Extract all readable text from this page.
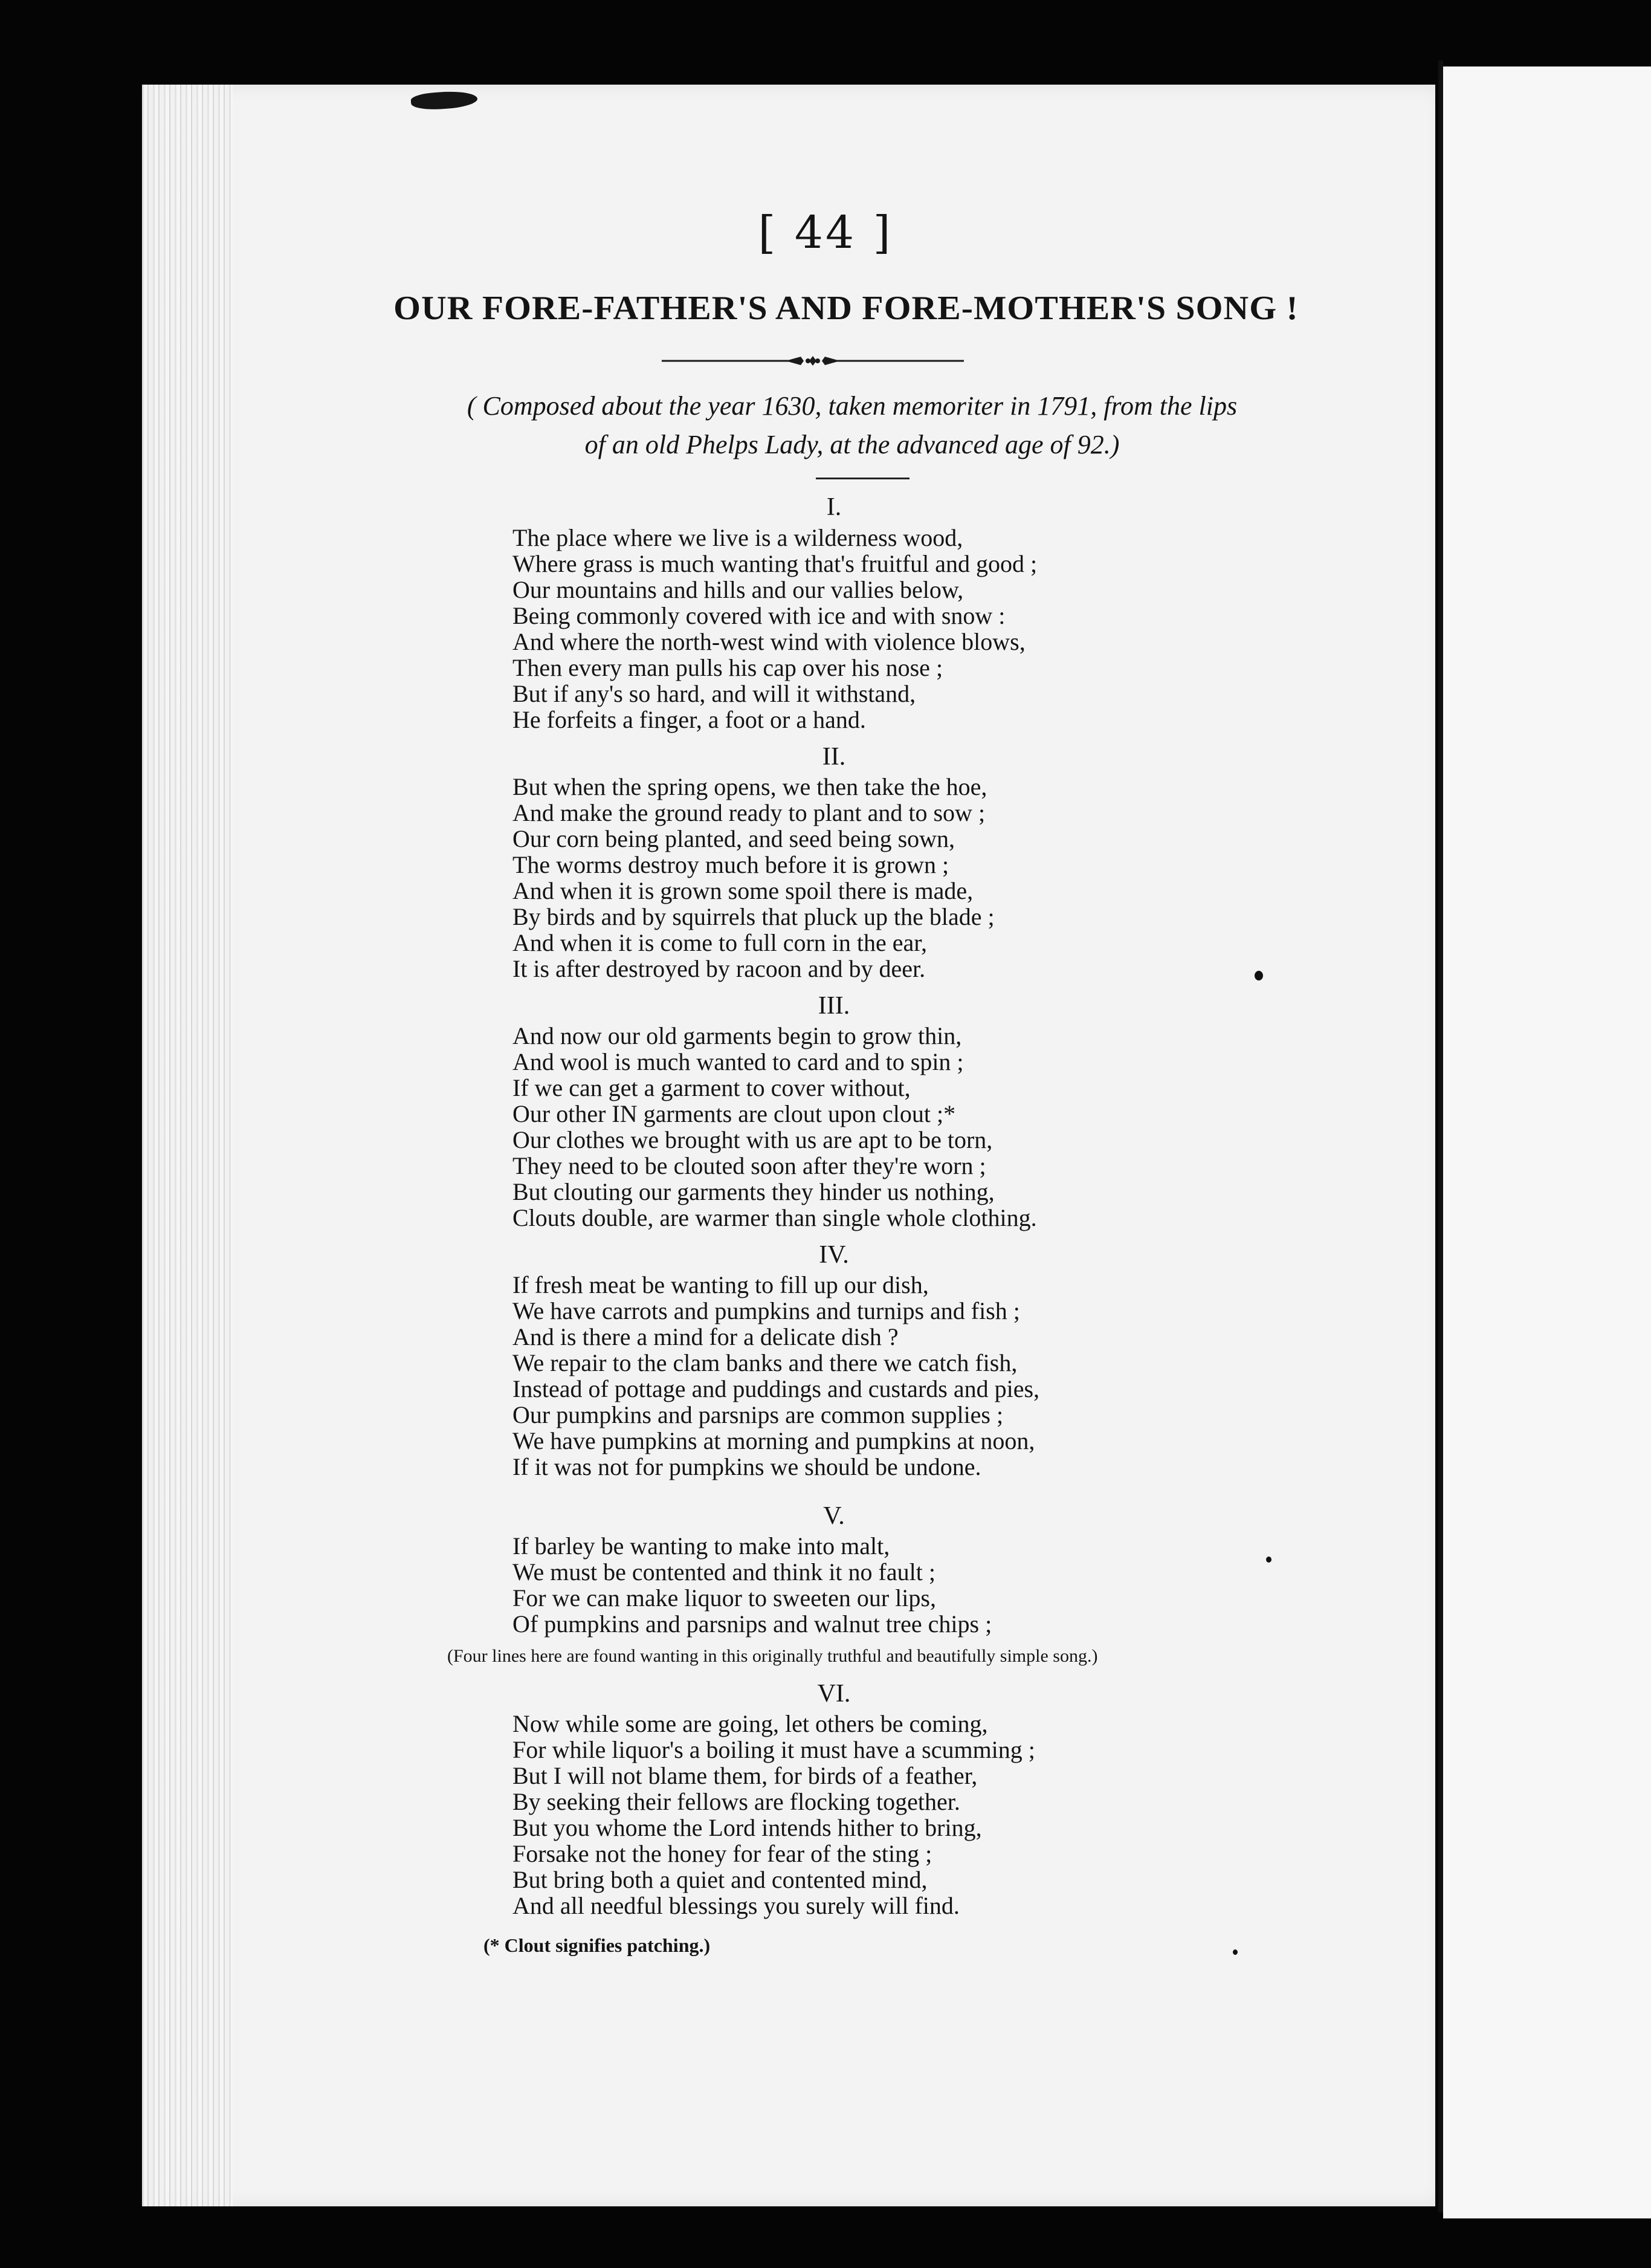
[ 44 ]
OUR FORE-FATHER'S AND FORE-MOTHER'S SONG !
( Composed about the year 1630, taken memoriter in 1791, from the lips
of an old Phelps Lady, at the advanced age of 92.)
I.
The place where we live is a wilderness wood,
Where grass is much wanting that's fruitful and good ;
Our mountains and hills and our vallies below,
Being commonly covered with ice and with snow :
And where the north-west wind with violence blows,
Then every man pulls his cap over his nose ;
But if any's so hard, and will it withstand,
He forfeits a finger, a foot or a hand.
II.
But when the spring opens, we then take the hoe,
And make the ground ready to plant and to sow ;
Our corn being planted, and seed being sown,
The worms destroy much before it is grown ;
And when it is grown some spoil there is made,
By birds and by squirrels that pluck up the blade ;
And when it is come to full corn in the ear,
It is after destroyed by racoon and by deer.
III.
And now our old garments begin to grow thin,
And wool is much wanted to card and to spin ;
If we can get a garment to cover without,
Our other IN garments are clout upon clout ;*
Our clothes we brought with us are apt to be torn,
They need to be clouted soon after they're worn ;
But clouting our garments they hinder us nothing,
Clouts double, are warmer than single whole clothing.
IV.
If fresh meat be wanting to fill up our dish,
We have carrots and pumpkins and turnips and fish ;
And is there a mind for a delicate dish ?
We repair to the clam banks and there we catch fish,
Instead of pottage and puddings and custards and pies,
Our pumpkins and parsnips are common supplies ;
We have pumpkins at morning and pumpkins at noon,
If it was not for pumpkins we should be undone.
V.
If barley be wanting to make into malt,
We must be contented and think it no fault ;
For we can make liquor to sweeten our lips,
Of pumpkins and parsnips and walnut tree chips ;
(Four lines here are found wanting in this originally truthful and beautifully simple song.)
VI.
Now while some are going, let others be coming,
For while liquor's a boiling it must have a scumming ;
But I will not blame them, for birds of a feather,
By seeking their fellows are flocking together.
But you whome the Lord intends hither to bring,
Forsake not the honey for fear of the sting ;
But bring both a quiet and contented mind,
And all needful blessings you surely will find.
(* Clout signifies patching.)
